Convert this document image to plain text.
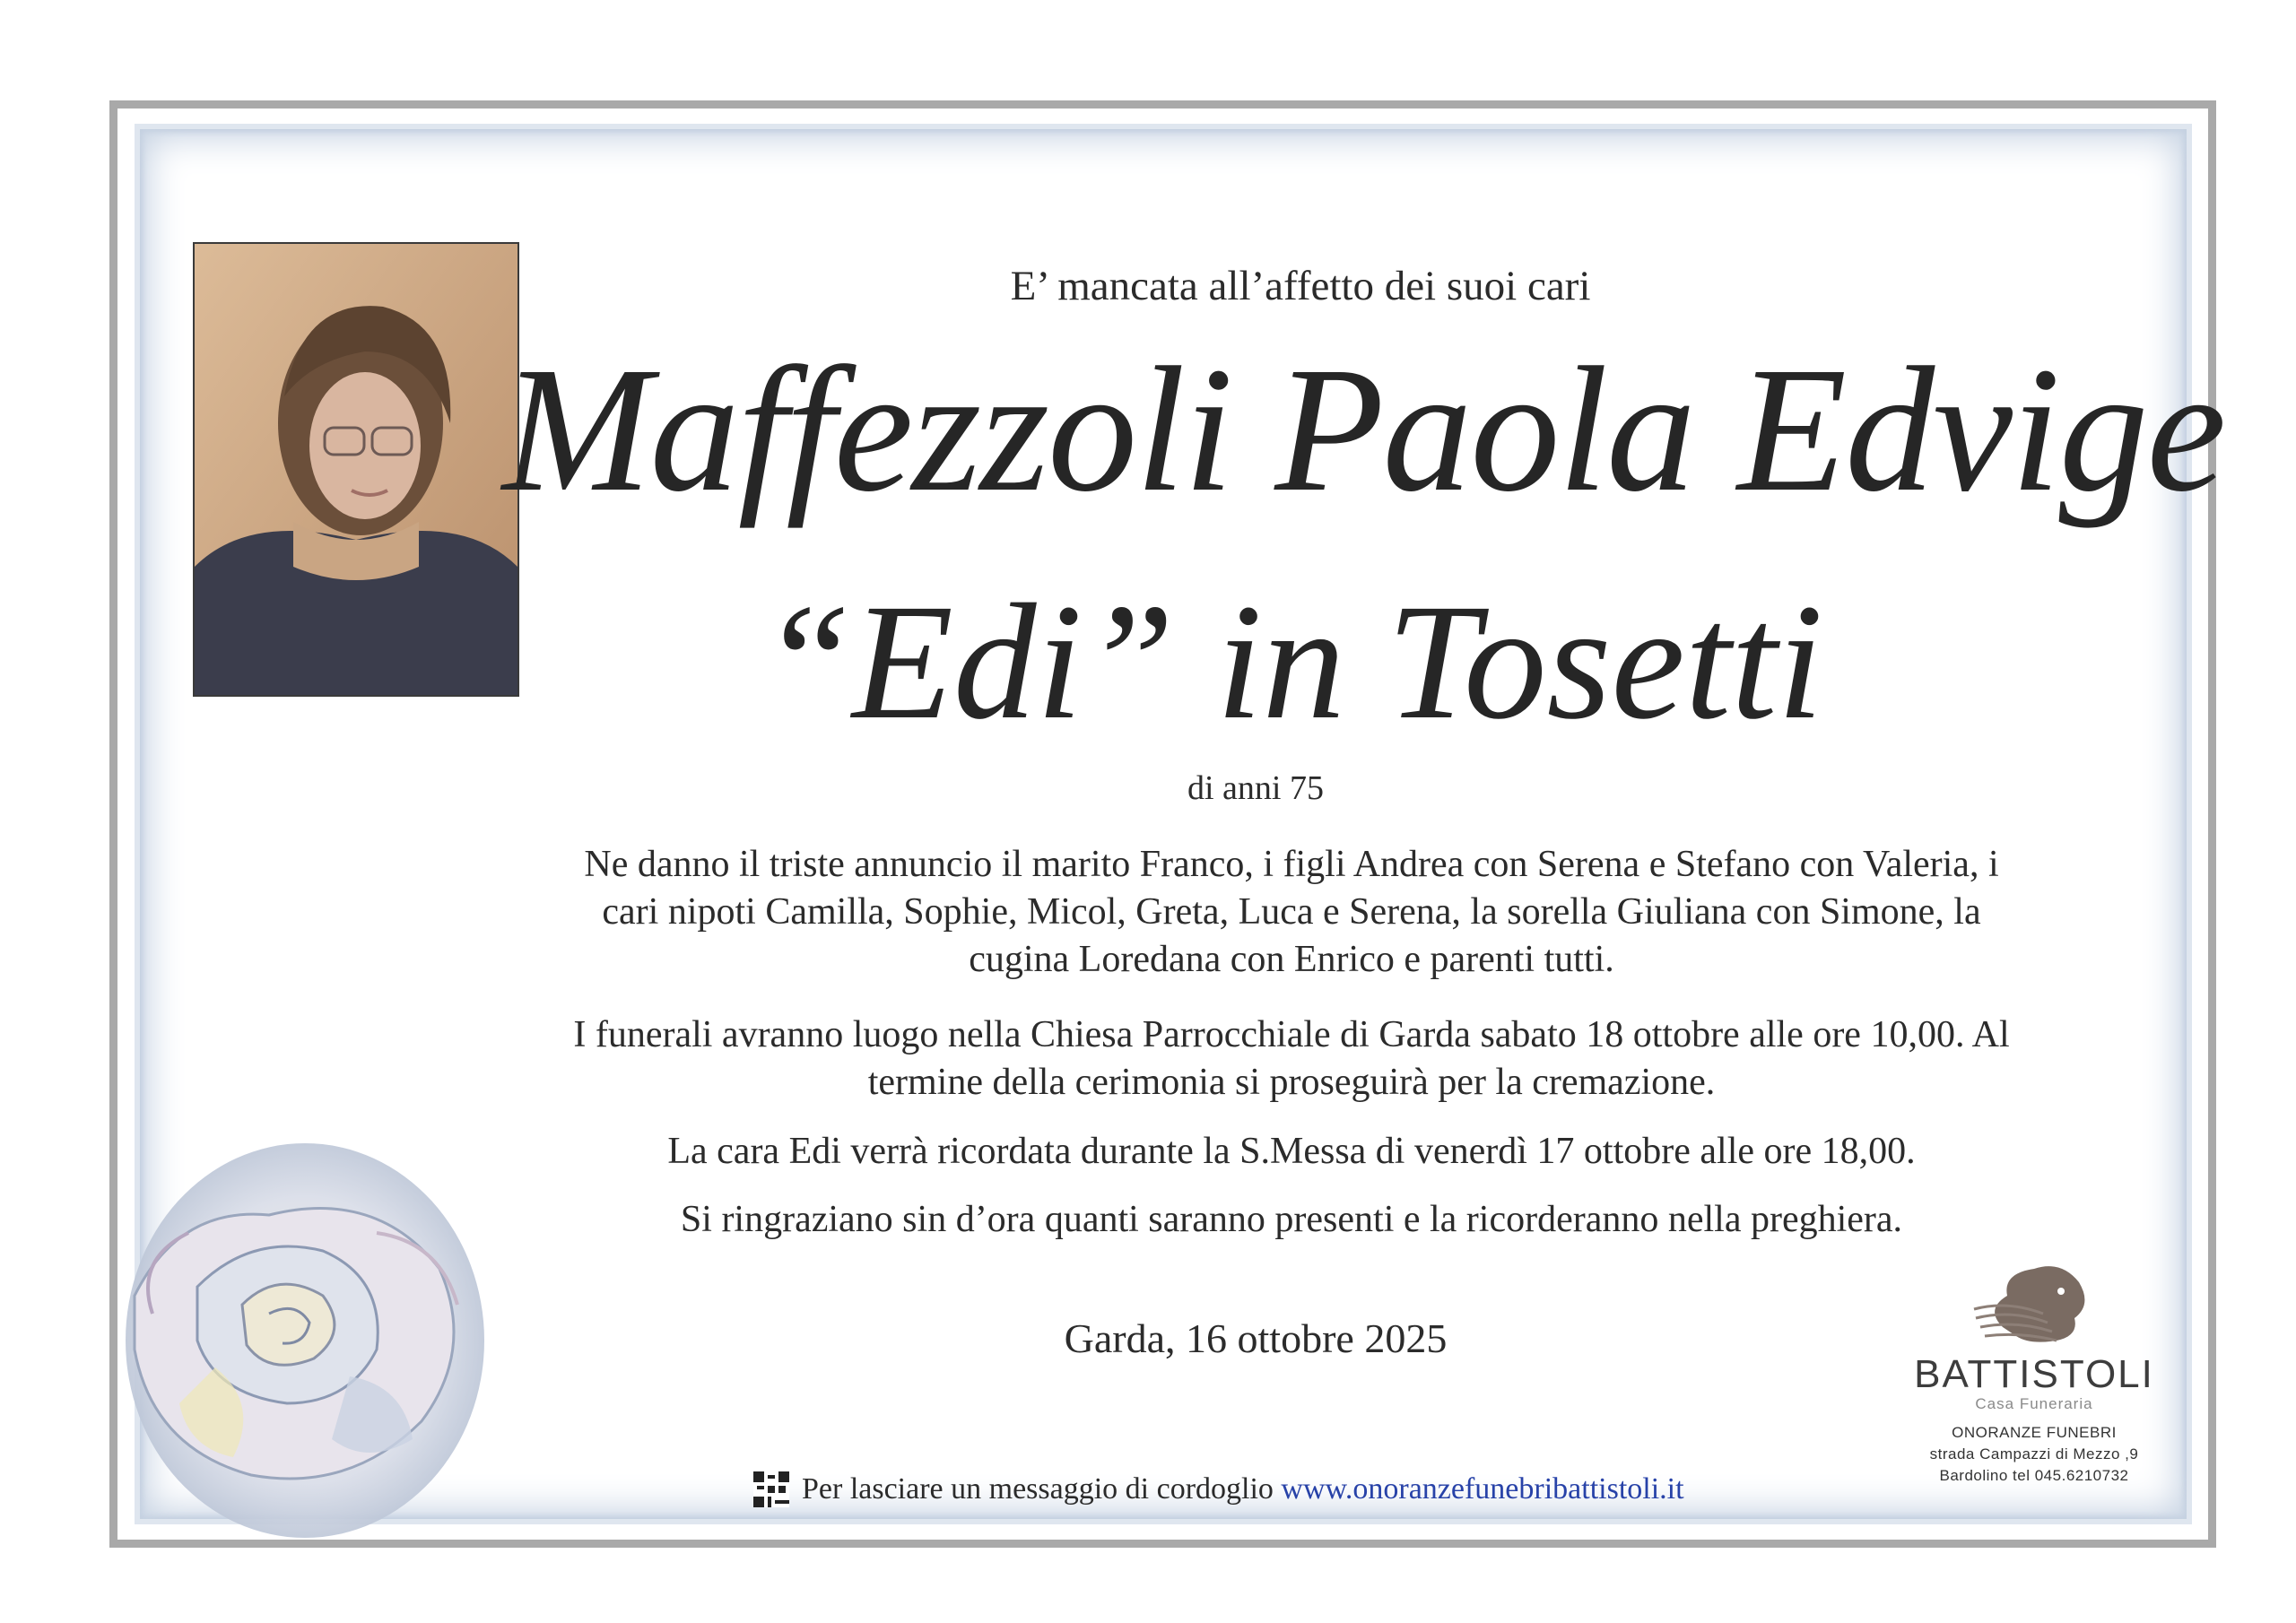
E’ mancata all’affetto dei suoi cari
Maffezzoli Paola Edvige
“Edi” in Tosetti
di anni 75
Ne danno il triste annuncio il marito Franco, i figli Andrea con Serena e Stefano con Valeria, i cari nipoti Camilla, Sophie, Micol, Greta, Luca e Serena, la sorella Giuliana con Simone, la cugina Loredana con Enrico e parenti tutti.
I funerali avranno luogo nella Chiesa Parrocchiale di Garda sabato 18 ottobre alle ore 10,00. Al termine della cerimonia si proseguirà per la cremazione.
La cara Edi verrà ricordata durante la S.Messa di venerdì 17 ottobre alle ore 18,00.
Si ringraziano sin d’ora quanti saranno presenti e la ricorderanno nella preghiera.
Garda, 16 ottobre 2025
Per lasciare un messaggio di cordoglio
www.onoranzefunebribattistoli.it
BATTISTOLI
Casa Funeraria
ONORANZE FUNEBRI
strada Campazzi di Mezzo ,9
Bardolino tel 045.6210732
